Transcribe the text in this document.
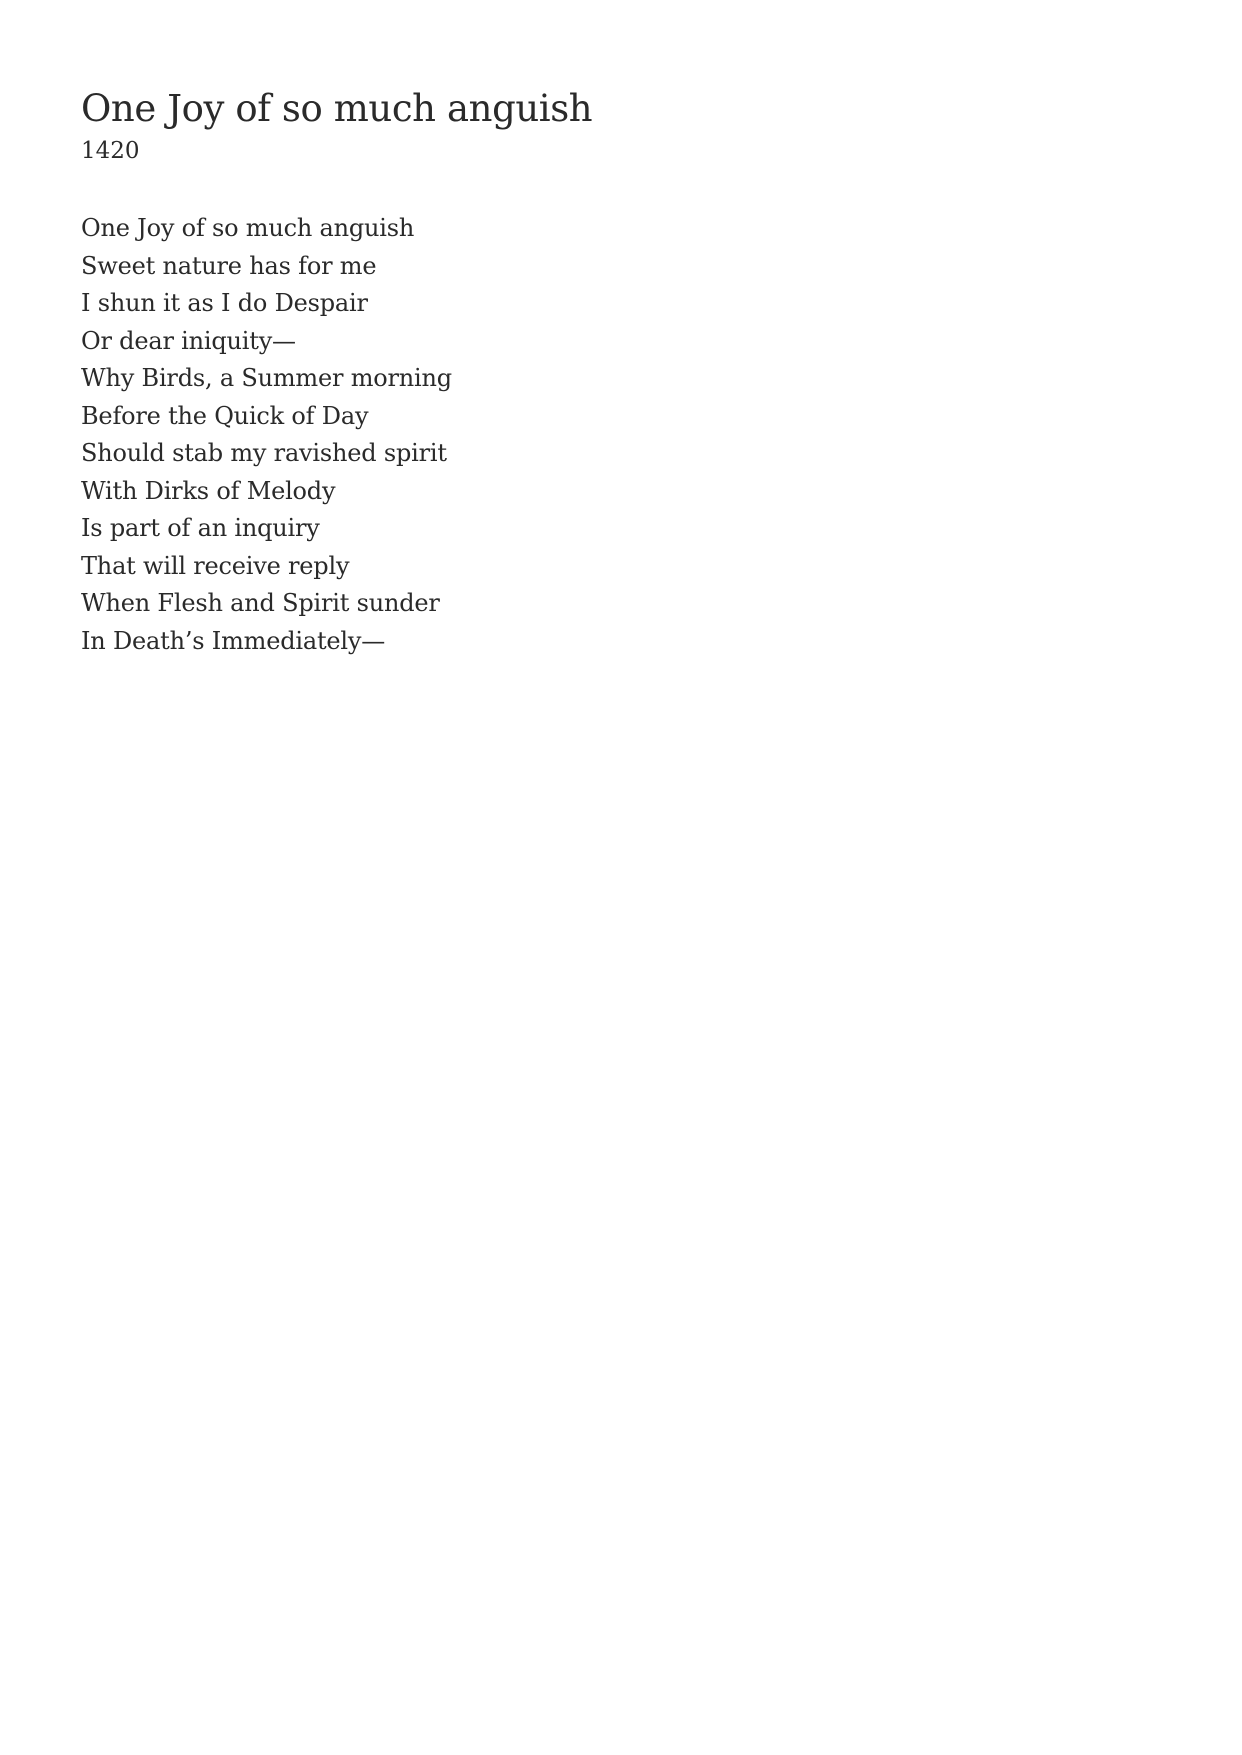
One Joy of so much anguish
1420
One Joy of so much anguish
Sweet nature has for me
I shun it as I do Despair
Or dear iniquity—
Why Birds, a Summer morning
Before the Quick of Day
Should stab my ravished spirit
With Dirks of Melody
Is part of an inquiry
That will receive reply
When Flesh and Spirit sunder
In Death’s Immediately—
